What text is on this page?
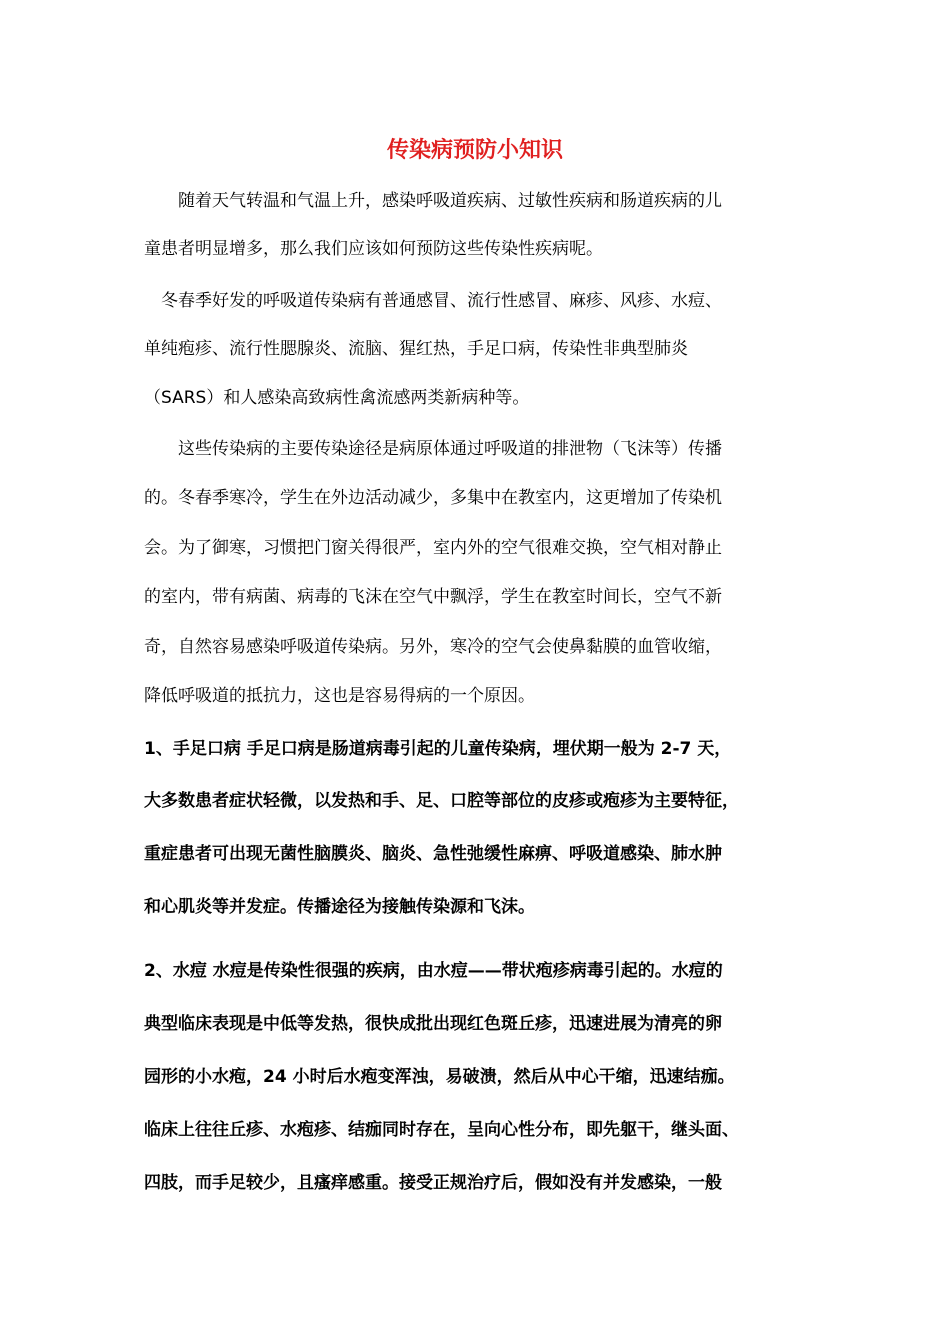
传染病预防小知识
　　随着天气转温和气温上升，感染呼吸道疾病、过敏性疾病和肠道疾病的儿
童患者明显增多，那么我们应该如何预防这些传染性疾病呢。
　冬春季好发的呼吸道传染病有普通感冒、流行性感冒、麻疹、风疹、水痘、
单纯疱疹、流行性腮腺炎、流脑、猩红热，手足口病，传染性非典型肺炎
（SARS）和人感染高致病性禽流感两类新病种等。
　　这些传染病的主要传染途径是病原体通过呼吸道的排泄物（飞沫等）传播
的。冬春季寒冷，学生在外边活动减少，多集中在教室内，这更增加了传染机
会。为了御寒，习惯把门窗关得很严，室内外的空气很难交换，空气相对静止
的室内，带有病菌、病毒的飞沫在空气中飘浮，学生在教室时间长，空气不新
奇，自然容易感染呼吸道传染病。另外，寒冷的空气会使鼻黏膜的血管收缩，
降低呼吸道的抵抗力，这也是容易得病的一个原因。
1、手足口病 手足口病是肠道病毒引起的儿童传染病，埋伏期一般为 2-7 天，
大多数患者症状轻微，以发热和手、足、口腔等部位的皮疹或疱疹为主要特征，
重症患者可出现无菌性脑膜炎、脑炎、急性弛缓性麻痹、呼吸道感染、肺水肿
和心肌炎等并发症。传播途径为接触传染源和飞沫。
2、水痘 水痘是传染性很强的疾病，由水痘——带状疱疹病毒引起的。水痘的
典型临床表现是中低等发热，很快成批出现红色斑丘疹，迅速进展为清亮的卵
园形的小水疱，24 小时后水疱变浑浊，易破溃，然后从中心干缩，迅速结痂。
临床上往往丘疹、水疱疹、结痂同时存在，呈向心性分布，即先躯干，继头面、
四肢，而手足较少，且瘙痒感重。接受正规治疗后，假如没有并发感染，一般
